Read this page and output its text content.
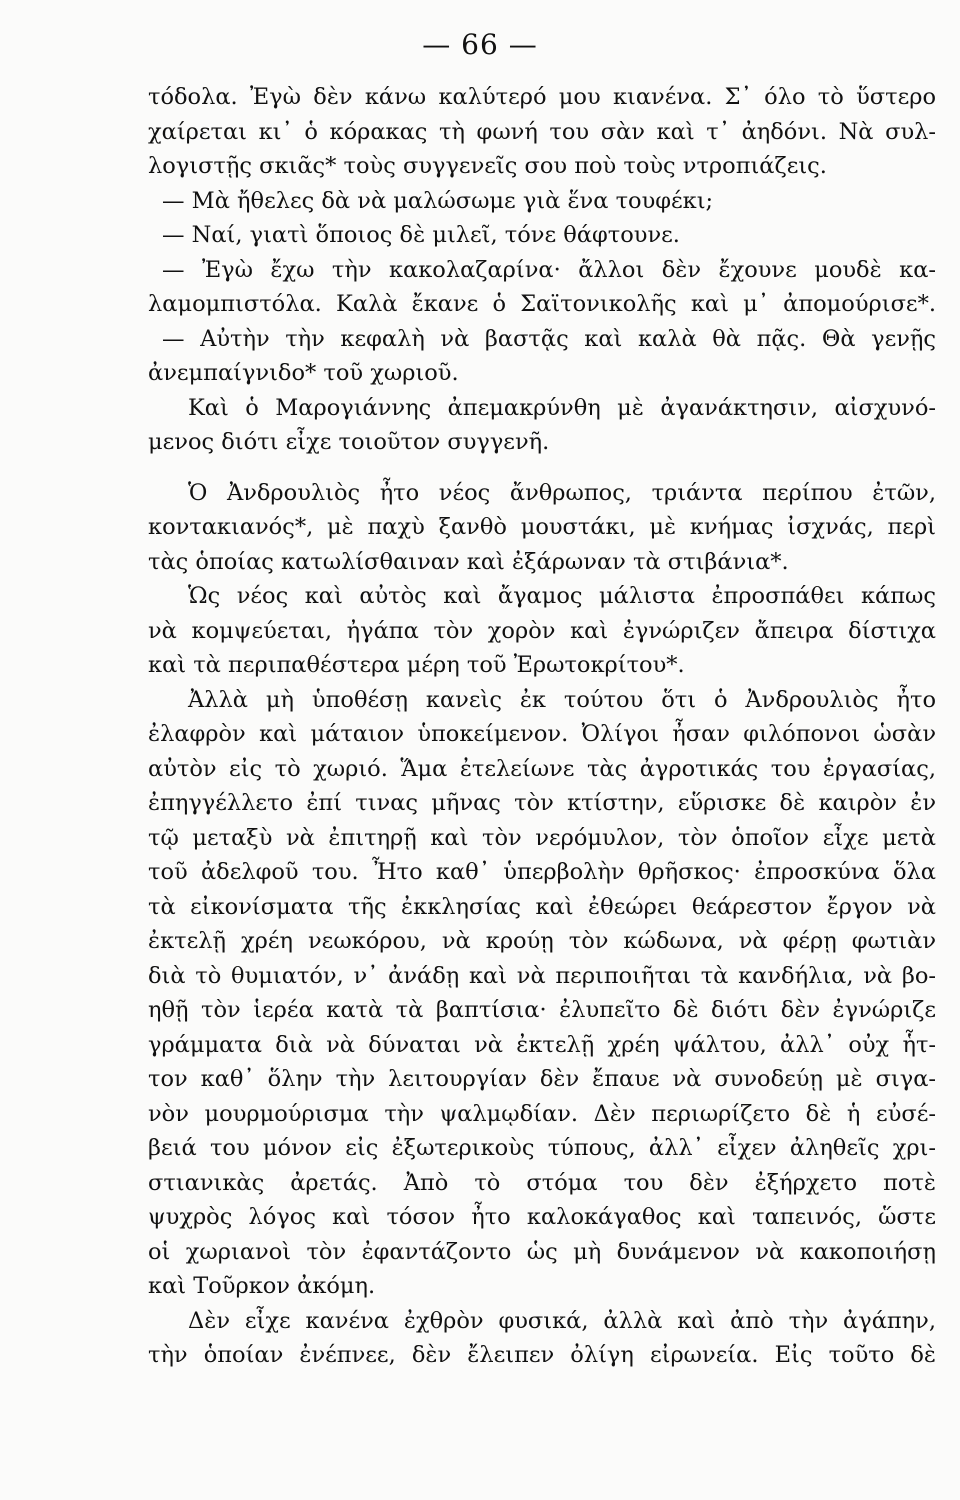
— 66 —
τόδολα. Ἐγὼ δὲν κάνω καλύτερό μου κιανένα. Σ᾽ όλο τὸ ὕστερο
χαίρεται κι᾽ ὁ κόρακας τὴ φωνή του σὰν καὶ τ᾽ ἀηδόνι. Νὰ συλ-
λογιστῇς σκιᾶς* τοὺς συγγενεῖς σου ποὺ τοὺς ντροπιάζεις.
— Μὰ ἤθελες δὰ νὰ μαλώσωμε γιὰ ἕνα τουφέκι;
— Ναί, γιατὶ ὅποιος δὲ μιλεῖ, τόνε θάφτουνε.
— Ἐγὼ ἔχω τὴν κακολαζαρίνα· ἄλλοι δὲν ἔχουνε μουδὲ κα-
λαμομπιστόλα. Καλὰ ἔκανε ὁ Σαϊτονικολῆς καὶ μ᾽ ἀπομούρισε*.
— Αὐτὴν τὴν κεφαλὴ νὰ βαστᾷς καὶ καλὰ θὰ πᾷς. Θὰ γενῇς
ἀνεμπαίγνιδο* τοῦ χωριοῦ.
Καὶ ὁ Μαρογιάννης ἀπεμακρύνθη μὲ ἀγανάκτησιν, αἰσχυνό-
μενος διότι εἶχε τοιοῦτον συγγενῆ.
Ὁ Ἀνδρουλιὸς ἦτο νέος ἄνθρωπος, τριάντα περίπου ἐτῶν,
κοντακιανός*, μὲ παχὺ ξανθὸ μουστάκι, μὲ κνήμας ἰσχνάς, περὶ
τὰς ὁποίας κατωλίσθαιναν καὶ ἐξάρωναν τὰ στιβάνια*.
Ὡς νέος καὶ αὐτὸς καὶ ἄγαμος μάλιστα ἐπροσπάθει κάπως
νὰ κομψεύεται, ἠγάπα τὸν χορὸν καὶ ἐγνώριζεν ἄπειρα δίστιχα
καὶ τὰ περιπαθέστερα μέρη τοῦ Ἐρωτοκρίτου*.
Ἀλλὰ μὴ ὑποθέσῃ κανεὶς ἐκ τούτου ὅτι ὁ Ἀνδρουλιὸς ἦτο
ἐλαφρὸν καὶ μάταιον ὑποκείμενον. Ὀλίγοι ἦσαν φιλόπονοι ὡσὰν
αὐτὸν εἰς τὸ χωριό. Ἅμα ἐτελείωνε τὰς ἀγροτικάς του ἐργασίας,
ἐπηγγέλλετο ἐπί τινας μῆνας τὸν κτίστην, εὕρισκε δὲ καιρὸν ἐν
τῷ μεταξὺ νὰ ἐπιτηρῇ καὶ τὸν νερόμυλον, τὸν ὁποῖον εἶχε μετὰ
τοῦ ἀδελφοῦ του. Ἦτο καθ᾽ ὑπερβολὴν θρῆσκος· ἐπροσκύνα ὅλα
τὰ εἰκονίσματα τῆς ἐκκλησίας καὶ ἐθεώρει θεάρεστον ἔργον νὰ
ἐκτελῇ χρέη νεωκόρου, νὰ κρούῃ τὸν κώδωνα, νὰ φέρῃ φωτιὰν
διὰ τὸ θυμιατόν, ν᾽ ἀνάδῃ καὶ νὰ περιποιῆται τὰ κανδήλια, νὰ βο-
ηθῇ τὸν ἱερέα κατὰ τὰ βαπτίσια· ἐλυπεῖτο δὲ διότι δὲν ἐγνώριζε
γράμματα διὰ νὰ δύναται νὰ ἐκτελῇ χρέη ψάλτου, ἀλλ᾽ οὐχ ἧτ-
τον καθ᾽ ὅλην τὴν λειτουργίαν δὲν ἔπαυε νὰ συνοδεύῃ μὲ σιγα-
νὸν μουρμούρισμα τὴν ψαλμῳδίαν. Δὲν περιωρίζετο δὲ ἡ εὐσέ-
βειά του μόνον εἰς ἐξωτερικοὺς τύπους, ἀλλ᾽ εἶχεν ἀληθεῖς χρι-
στιανικὰς ἀρετάς. Ἀπὸ τὸ στόμα του δὲν ἐξήρχετο ποτὲ
ψυχρὸς λόγος καὶ τόσον ἦτο καλοκάγαθος καὶ ταπεινός, ὥστε
οἱ χωριανοὶ τὸν ἐφαντάζοντο ὡς μὴ δυνάμενον νὰ κακοποιήσῃ
καὶ Τοῦρκον ἀκόμη.
Δὲν εἶχε κανένα ἐχθρὸν φυσικά, ἀλλὰ καὶ ἀπὸ τὴν ἀγάπην,
τὴν ὁποίαν ἐνέπνεε, δὲν ἔλειπεν ὀλίγη εἰρωνεία. Εἰς τοῦτο δὲ
